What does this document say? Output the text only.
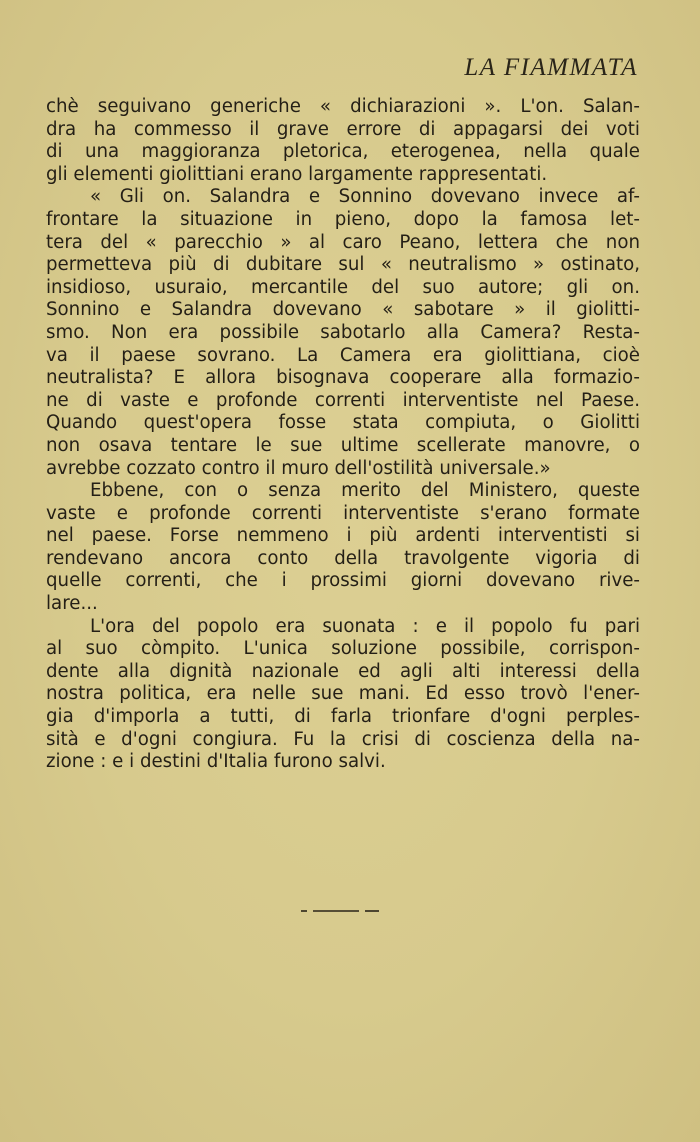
LA FIAMMATA
chè seguivano generiche « dichiarazioni ». L'on. Salan-
dra ha commesso il grave errore di appagarsi dei voti
di una maggioranza pletorica, eterogenea, nella quale
gli elementi giolittiani erano largamente rappresentati.
« Gli on. Salandra e Sonnino dovevano invece af-
frontare la situazione in pieno, dopo la famosa let-
tera del « parecchio » al caro Peano, lettera che non
permetteva più di dubitare sul « neutralismo » ostinato,
insidioso, usuraio, mercantile del suo autore; gli on.
Sonnino e Salandra dovevano « sabotare » il giolitti-
smo. Non era possibile sabotarlo alla Camera? Resta-
va il paese sovrano. La Camera era giolittiana, cioè
neutralista? E allora bisognava cooperare alla formazio-
ne di vaste e profonde correnti interventiste nel Paese.
Quando quest'opera fosse stata compiuta, o Giolitti
non osava tentare le sue ultime scellerate manovre, o
avrebbe cozzato contro il muro dell'ostilità universale.»
Ebbene, con o senza merito del Ministero, queste
vaste e profonde correnti interventiste s'erano formate
nel paese. Forse nemmeno i più ardenti interventisti si
rendevano ancora conto della travolgente vigoria di
quelle correnti, che i prossimi giorni dovevano rive-
lare...
L'ora del popolo era suonata : e il popolo fu pari
al suo còmpito. L'unica soluzione possibile, corrispon-
dente alla dignità nazionale ed agli alti interessi della
nostra politica, era nelle sue mani. Ed esso trovò l'ener-
gia d'imporla a tutti, di farla trionfare d'ogni perples-
sità e d'ogni congiura. Fu la crisi di coscienza della na-
zione : e i destini d'Italia furono salvi.
